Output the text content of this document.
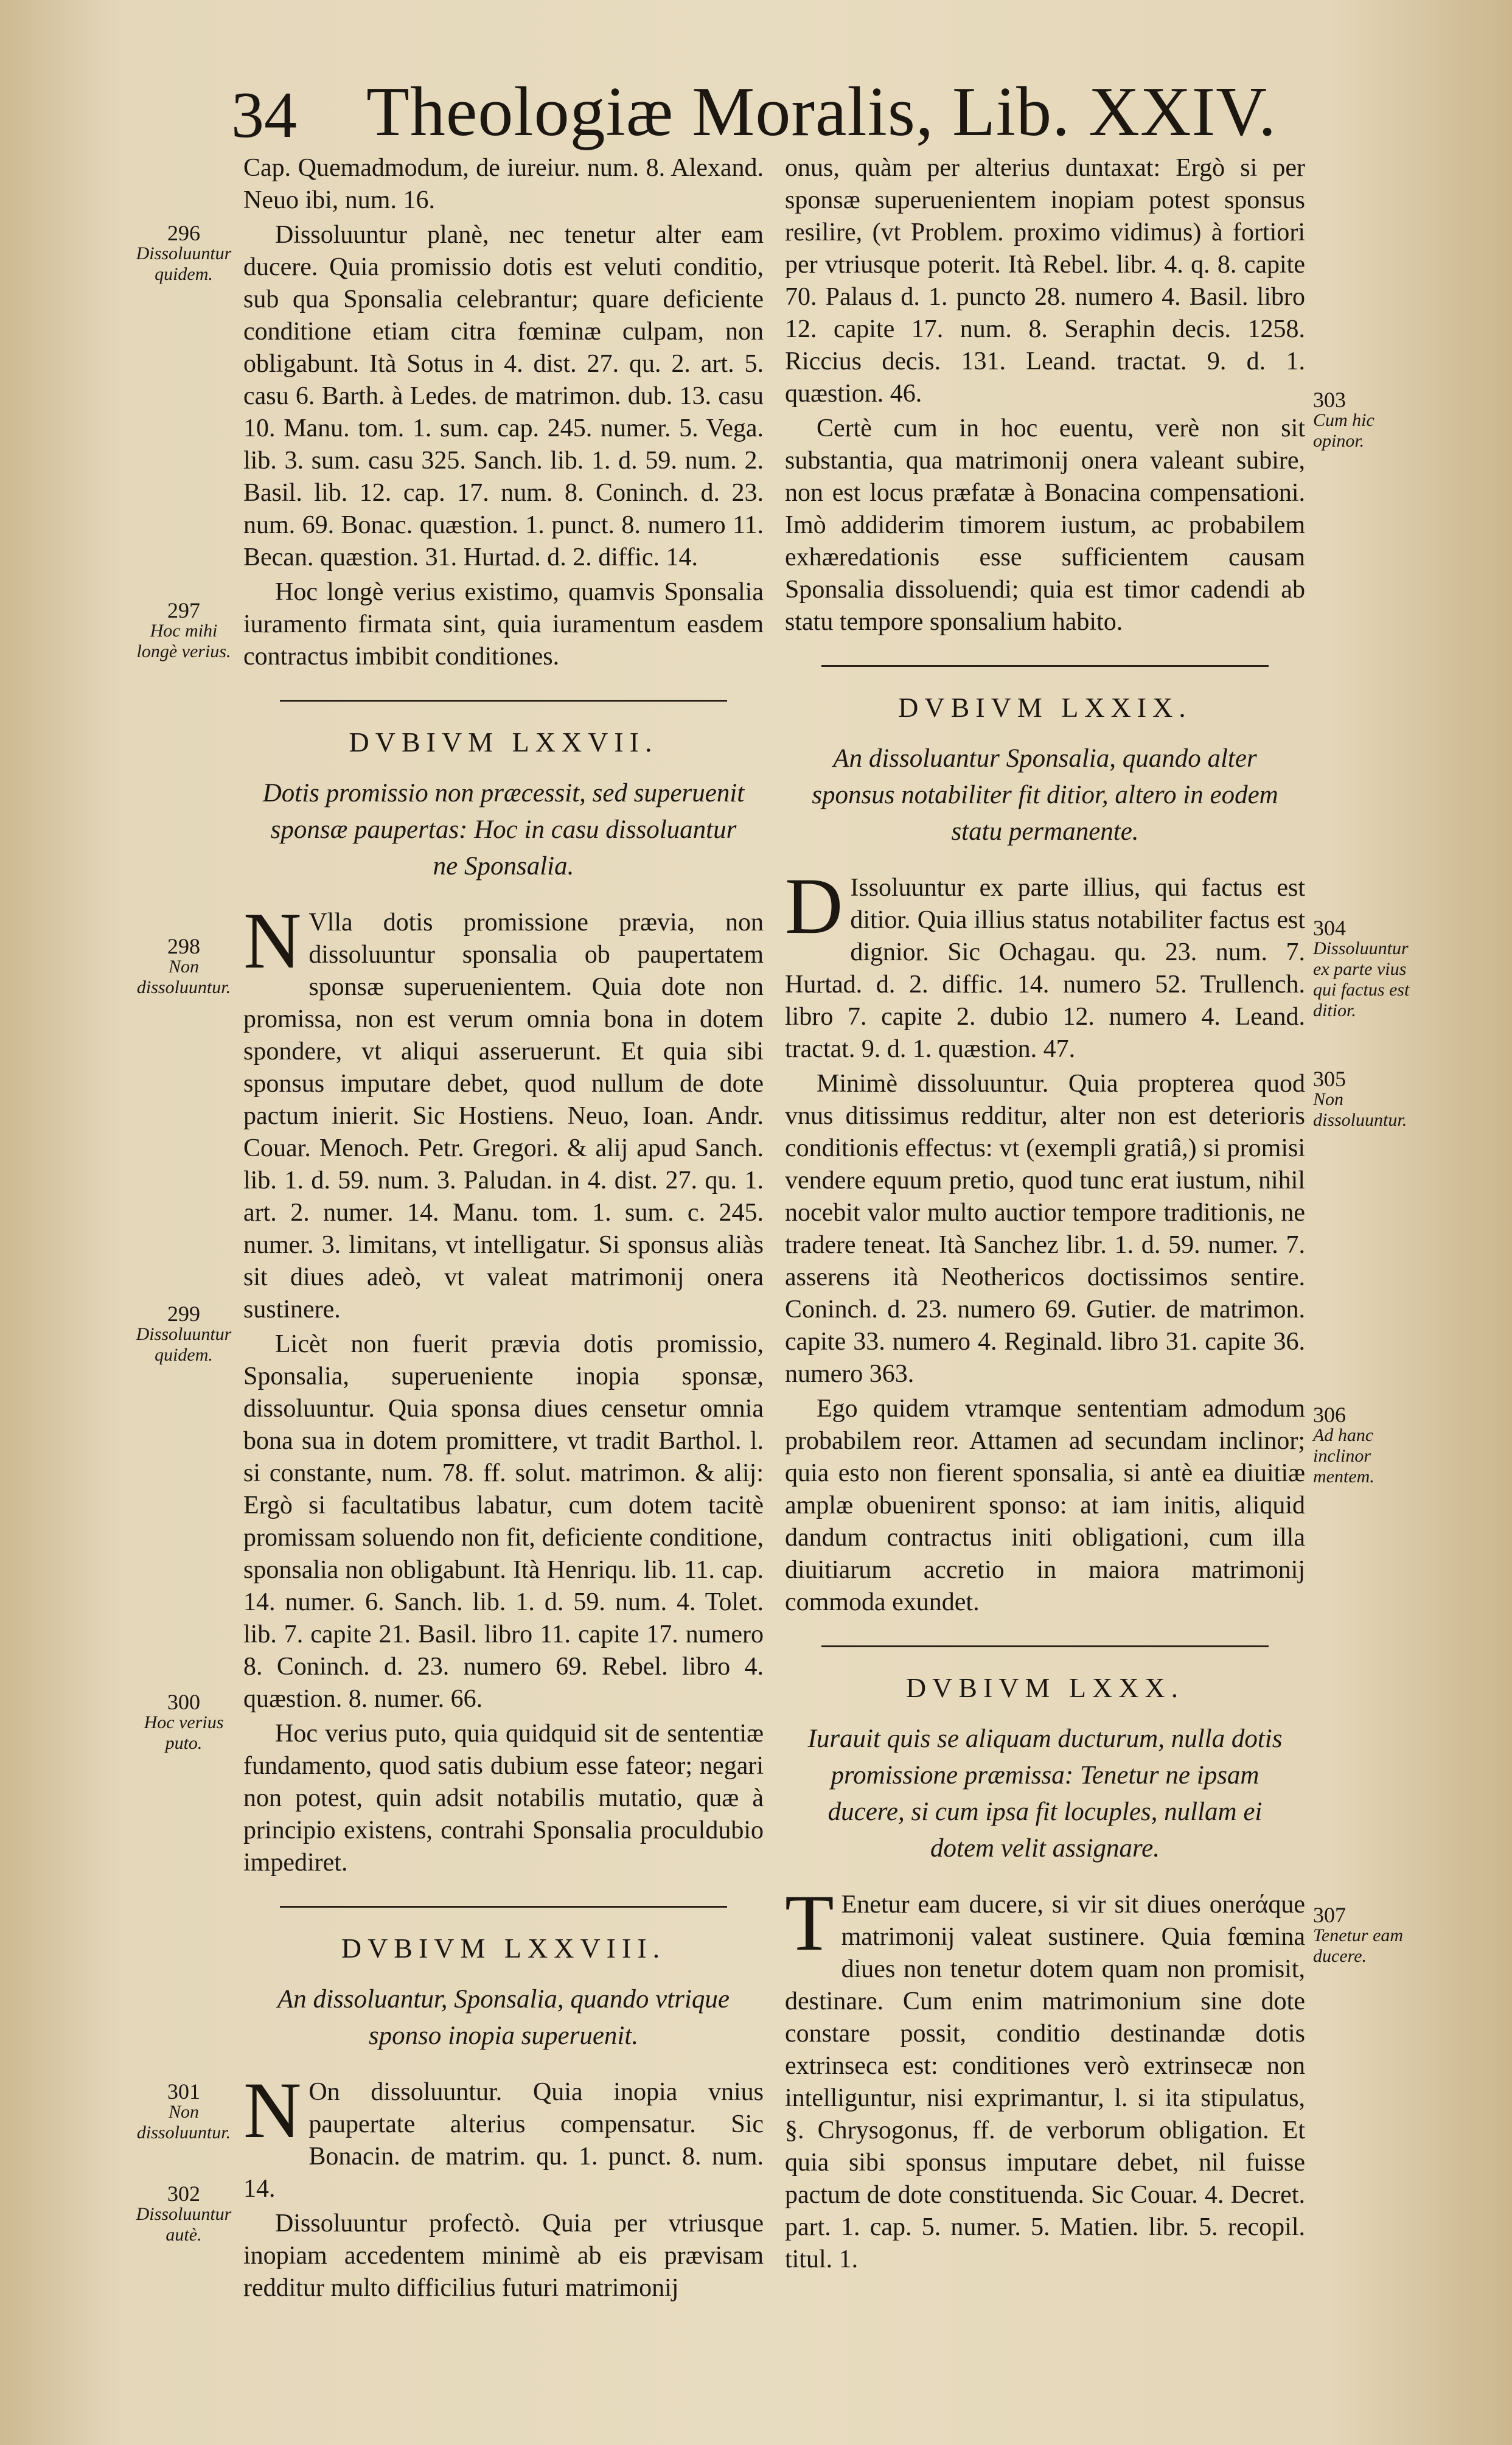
34 Theologiæ Moralis, Lib. XXIV.
296
Dissoluuntur quidem.
297
Hoc mihi longè verius.
298
Non dissoluuntur.
299
Dissoluuntur quidem.
300
Hoc verius puto.
301
Non dissoluuntur.
302
Dissoluuntur autè.
303
Cum hic opinor.
304
Dissoluuntur ex parte vius qui factus est ditior.
305
Non dissoluuntur.
306
Ad hanc inclinor mentem.
307
Tenetur eam ducere.

Cap. Quemadmodum, de iureiur. num. 8. Alexand. Neuo ibi, num. 16.

Dissoluuntur planè, nec tenetur alter eam ducere. Quia promissio dotis est veluti conditio, sub qua Sponsalia celebrantur; quare deficiente conditione etiam citra fœminæ culpam, non obligabunt. Ità Sotus in 4. dist. 27. qu. 2. art. 5. casu 6. Barth. à Ledes. de matrimon. dub. 13. casu 10. Manu. tom. 1. sum. cap. 245. numer. 5. Vega. lib. 3. sum. casu 325. Sanch. lib. 1. d. 59. num. 2. Basil. lib. 12. cap. 17. num. 8. Coninch. d. 23. num. 69. Bonac. quæstion. 1. punct. 8. numero 11. Becan. quæstion. 31. Hurtad. d. 2. diffic. 14.

Hoc longè verius existimo, quamvis Sponsalia iuramento firmata sint, quia iuramentum easdem contractus imbibit conditiones.

DVBIVM LXXVII.
Dotis promissio non præcessit, sed superuenit sponsæ paupertas: Hoc in casu dissoluantur ne Sponsalia.

N Vlla dotis promissione prævia, non dissoluuntur sponsalia ob paupertatem sponsæ superuenientem. Quia dote non promissa, non est verum omnia bona in dotem spondere, vt aliqui asseruerunt. Et quia sibi sponsus imputare debet, quod nullum de dote pactum inierit. Sic Hostiens. Neuo, Ioan. Andr. Couar. Menoch. Petr. Gregori. & alij apud Sanch. lib. 1. d. 59. num. 3. Paludan. in 4. dist. 27. qu. 1. art. 2. numer. 14. Manu. tom. 1. sum. c. 245. numer. 3. limitans, vt intelligatur. Si sponsus aliàs sit diues adeò, vt valeat matrimonij onera sustinere.

Licèt non fuerit prævia dotis promissio, Sponsalia, superueniente inopia sponsæ, dissoluuntur. Quia sponsa diues censetur omnia bona sua in dotem promittere, vt tradit Barthol. l. si constante, num. 78. ff. solut. matrimon. & alij: Ergò si facultatibus labatur, cum dotem tacitè promissam soluendo non fit, deficiente conditione, sponsalia non obligabunt. Ità Henriqu. lib. 11. cap. 14. numer. 6. Sanch. lib. 1. d. 59. num. 4. Tolet. lib. 7. capite 21. Basil. libro 11. capite 17. numero 8. Coninch. d. 23. numero 69. Rebel. libro 4. quæstion. 8. numer. 66.

Hoc verius puto, quia quidquid sit de sententiæ fundamento, quod satis dubium esse fateor; negari non potest, quin adsit notabilis mutatio, quæ à principio existens, contrahi Sponsalia proculdubio impediret.

DVBIVM LXXVIII.
An dissoluantur, Sponsalia, quando vtrique sponso inopia superuenit.

N On dissoluuntur. Quia inopia vnius paupertate alterius compensatur. Sic Bonacin. de matrim. qu. 1. punct. 8. num. 14.

Dissoluuntur profectò. Quia per vtriusque inopiam accedentem minimè ab eis prævisam redditur multo difficilius futuri matrimonij

onus, quàm per alterius duntaxat: Ergò si per sponsæ superuenientem inopiam potest sponsus resilire, (vt Problem. proximo vidimus) à fortiori per vtriusque poterit. Ità Rebel. libr. 4. q. 8. capite 70. Palaus d. 1. puncto 28. numero 4. Basil. libro 12. capite 17. num. 8. Seraphin decis. 1258. Riccius decis. 131. Leand. tractat. 9. d. 1. quæstion. 46.

Certè cum in hoc euentu, verè non sit substantia, qua matrimonij onera valeant subire, non est locus præfatæ à Bonacina compensationi. Imò addiderim timorem iustum, ac probabilem exhæredationis esse sufficientem causam Sponsalia dissoluendi; quia est timor cadendi ab statu tempore sponsalium habito.

DVBIVM LXXIX.
An dissoluantur Sponsalia, quando alter sponsus notabiliter fit ditior, altero in eodem statu permanente.

D Issoluuntur ex parte illius, qui factus est ditior. Quia illius status notabiliter factus est dignior. Sic Ochagau. qu. 23. num. 7. Hurtad. d. 2. diffic. 14. numero 52. Trullench. libro 7. capite 2. dubio 12. numero 4. Leand. tractat. 9. d. 1. quæstion. 47.

Minimè dissoluuntur. Quia propterea quod vnus ditissimus redditur, alter non est deterioris conditionis effectus: vt (exempli gratiâ,) si promisi vendere equum pretio, quod tunc erat iustum, nihil nocebit valor multo auctior tempore traditionis, ne tradere teneat. Ità Sanchez libr. 1. d. 59. numer. 7. asserens ità Neothericos doctissimos sentire. Coninch. d. 23. numero 69. Gutier. de matrimon. capite 33. numero 4. Reginald. libro 31. capite 36. numero 363.

Ego quidem vtramque sententiam admodum probabilem reor. Attamen ad secundam inclinor; quia esto non fierent sponsalia, si antè ea diuitiæ amplæ obuenirent sponso: at iam initis, aliquid dandum contractus initi obligationi, cum illa diuitiarum accretio in maiora matrimonij commoda exundet.

DVBIVM LXXX.
Iurauit quis se aliquam ducturum, nulla dotis promissione præmissa: Tenetur ne ipsam ducere, si cum ipsa fit locuples, nullam ei dotem velit assignare.

T Enetur eam ducere, si vir sit diues onerάque matrimonij valeat sustinere. Quia fœmina diues non tenetur dotem quam non promisit, destinare. Cum enim matrimonium sine dote constare possit, conditio destinandæ dotis extrinseca est: conditiones verò extrinsecæ non intelliguntur, nisi exprimantur, l. si ita stipulatus, §. Chrysogonus, ff. de verborum obligation. Et quia sibi sponsus imputare debet, nil fuisse pactum de dote constituenda. Sic Couar. 4. Decret. part. 1. cap. 5. numer. 5. Matien. libr. 5. recopil. titul. 1.
